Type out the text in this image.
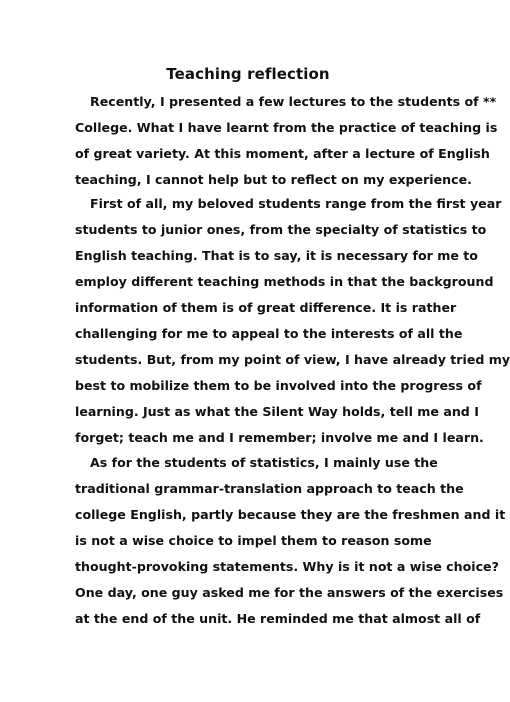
Teaching reflection
Recently, I presented a few lectures to the students of **
College. What I have learnt from the practice of teaching is
of great variety. At this moment, after a lecture of English
teaching, I cannot help but to reflect on my experience.
First of all, my beloved students range from the first year
students to junior ones, from the specialty of statistics to
English teaching. That is to say, it is necessary for me to
employ different teaching methods in that the background
information of them is of great difference. It is rather
challenging for me to appeal to the interests of all the
students. But, from my point of view, I have already tried my
best to mobilize them to be involved into the progress of
learning. Just as what the Silent Way holds, tell me and I
forget; teach me and I remember; involve me and I learn.
As for the students of statistics, I mainly use the
traditional grammar-translation approach to teach the
college English, partly because they are the freshmen and it
is not a wise choice to impel them to reason some
thought-provoking statements. Why is it not a wise choice?
One day, one guy asked me for the answers of the exercises
at the end of the unit. He reminded me that almost all of
